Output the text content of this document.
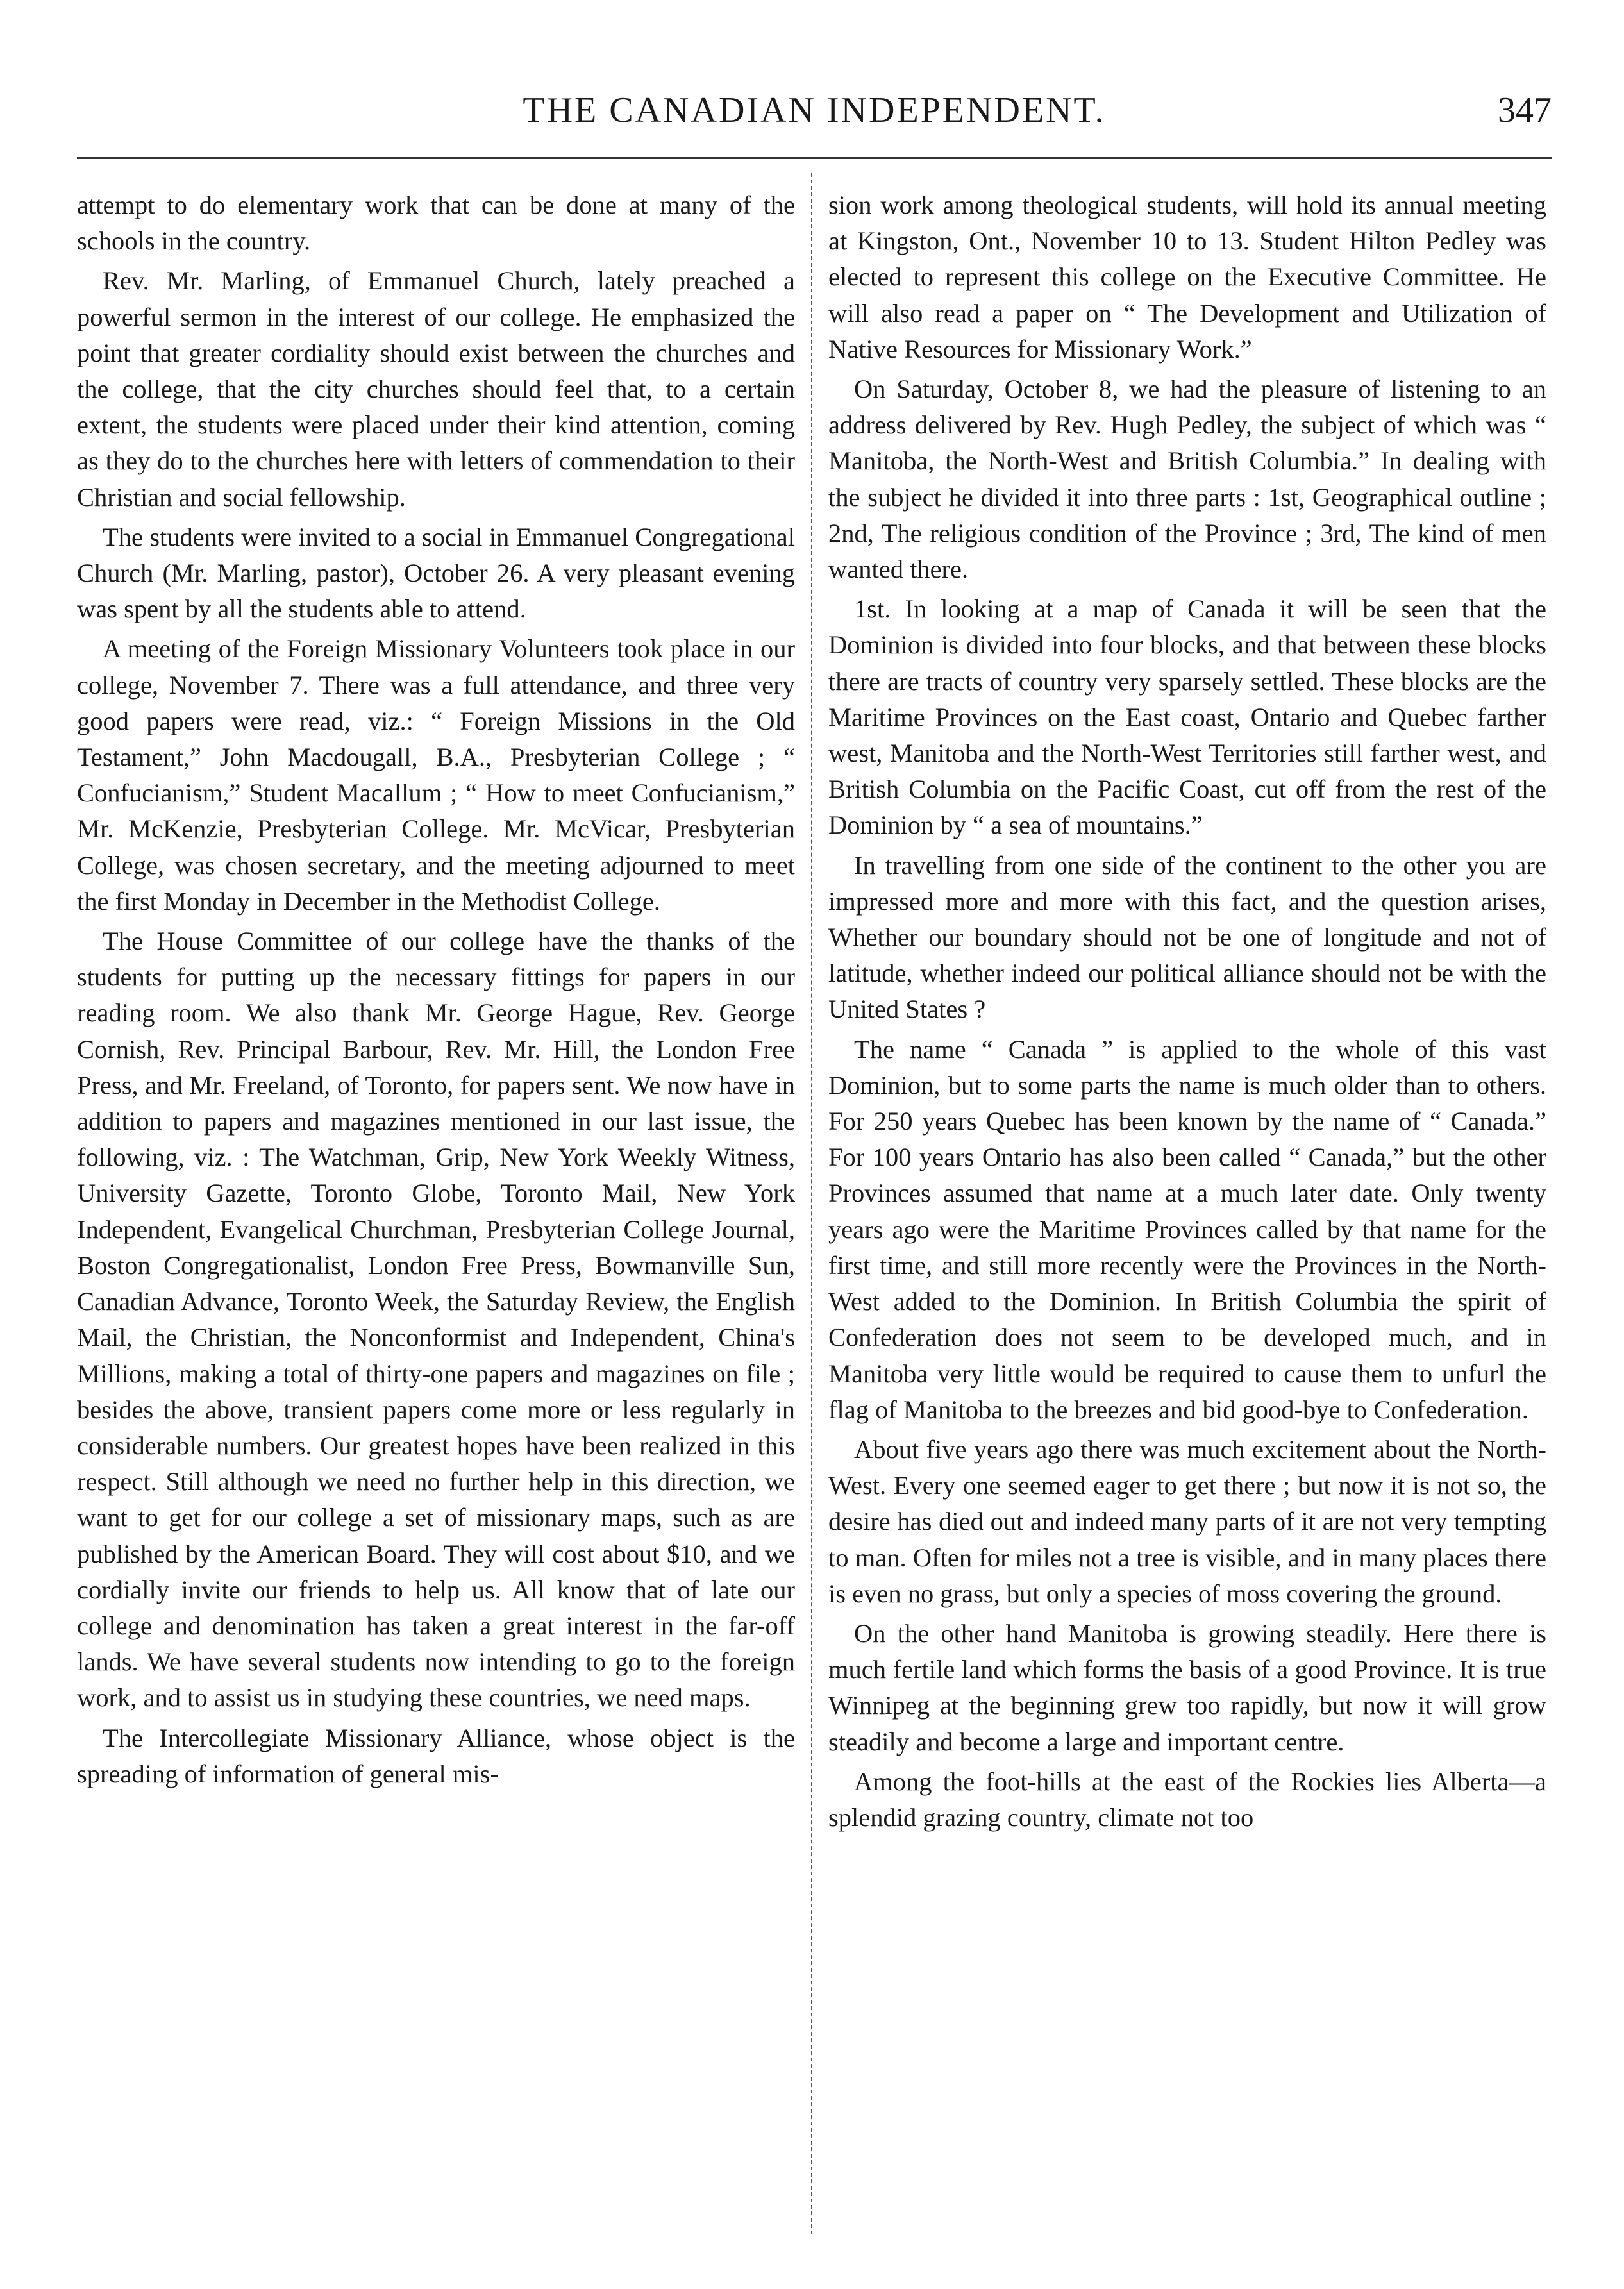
THE CANADIAN INDEPENDENT.	347

attempt to do elementary work that can be done at many of the schools in the country.

Rev. Mr. Marling, of Emmanuel Church, lately preached a powerful sermon in the interest of our college. He emphasized the point that greater cordiality should exist between the churches and the college, that the city churches should feel that, to a certain extent, the students were placed under their kind attention, coming as they do to the churches here with letters of commendation to their Christian and social fellowship.

The students were invited to a social in Emmanuel Congregational Church (Mr. Marling, pastor), October 26. A very pleasant evening was spent by all the students able to attend.

A meeting of the Foreign Missionary Volunteers took place in our college, November 7. There was a full attendance, and three very good papers were read, viz.: “ Foreign Missions in the Old Testament,” John Macdougall, B.A., Presbyterian College ; “ Confucianism,” Student Macallum ; “ How to meet Confucianism,” Mr. McKenzie, Presbyterian College. Mr. McVicar, Presbyterian College, was chosen secretary, and the meeting adjourned to meet the first Monday in December in the Methodist College.

The House Committee of our college have the thanks of the students for putting up the necessary fittings for papers in our reading room. We also thank Mr. George Hague, Rev. George Cornish, Rev. Principal Barbour, Rev. Mr. Hill, the London Free Press, and Mr. Freeland, of Toronto, for papers sent. We now have in addition to papers and magazines mentioned in our last issue, the following, viz. : The Watchman, Grip, New York Weekly Witness, University Gazette, Toronto Globe, Toronto Mail, New York Independent, Evangelical Churchman, Presbyterian College Journal, Boston Congregationalist, London Free Press, Bowmanville Sun, Canadian Advance, Toronto Week, the Saturday Review, the English Mail, the Christian, the Nonconformist and Independent, China's Millions, making a total of thirty-one papers and magazines on file ; besides the above, transient papers come more or less regularly in considerable numbers. Our greatest hopes have been realized in this respect. Still although we need no further help in this direction, we want to get for our college a set of missionary maps, such as are published by the American Board. They will cost about $10, and we cordially invite our friends to help us. All know that of late our college and denomination has taken a great interest in the far-off lands. We have several students now intending to go to the foreign work, and to assist us in studying these countries, we need maps.

The Intercollegiate Missionary Alliance, whose object is the spreading of information of general mis-

sion work among theological students, will hold its annual meeting at Kingston, Ont., November 10 to 13. Student Hilton Pedley was elected to represent this college on the Executive Committee. He will also read a paper on “ The Development and Utilization of Native Resources for Missionary Work.”

On Saturday, October 8, we had the pleasure of listening to an address delivered by Rev. Hugh Pedley, the subject of which was “ Manitoba, the North-West and British Columbia.” In dealing with the subject he divided it into three parts : 1st, Geographical outline ; 2nd, The religious condition of the Province ; 3rd, The kind of men wanted there.

1st. In looking at a map of Canada it will be seen that the Dominion is divided into four blocks, and that between these blocks there are tracts of country very sparsely settled. These blocks are the Maritime Provinces on the East coast, Ontario and Quebec farther west, Manitoba and the North-West Territories still farther west, and British Columbia on the Pacific Coast, cut off from the rest of the Dominion by “ a sea of mountains.”

In travelling from one side of the continent to the other you are impressed more and more with this fact, and the question arises, Whether our boundary should not be one of longitude and not of latitude, whether indeed our political alliance should not be with the United States ?

The name “ Canada ” is applied to the whole of this vast Dominion, but to some parts the name is much older than to others. For 250 years Quebec has been known by the name of “ Canada.” For 100 years Ontario has also been called “ Canada,” but the other Provinces assumed that name at a much later date. Only twenty years ago were the Maritime Provinces called by that name for the first time, and still more recently were the Provinces in the North-West added to the Dominion. In British Columbia the spirit of Confederation does not seem to be developed much, and in Manitoba very little would be required to cause them to unfurl the flag of Manitoba to the breezes and bid good-bye to Confederation.

About five years ago there was much excitement about the North-West. Every one seemed eager to get there ; but now it is not so, the desire has died out and indeed many parts of it are not very tempting to man. Often for miles not a tree is visible, and in many places there is even no grass, but only a species of moss covering the ground.

On the other hand Manitoba is growing steadily. Here there is much fertile land which forms the basis of a good Province. It is true Winnipeg at the beginning grew too rapidly, but now it will grow steadily and become a large and important centre.

Among the foot-hills at the east of the Rockies lies Alberta—a splendid grazing country, climate not too
